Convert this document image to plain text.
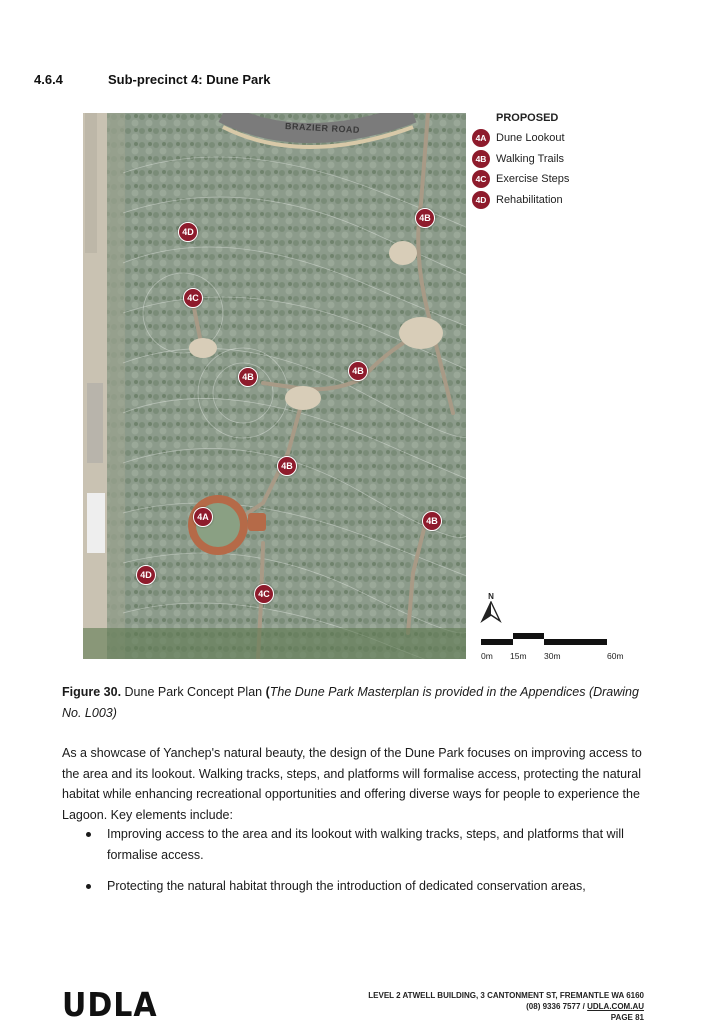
4.6.4	Sub-precinct 4: Dune Park
BRAZIER ROAD
4D
4B
4C
4B
4B
4B
4A	4B
4D
4C
PROPOSED
4A Dune Lookout
4B Walking Trails
4C Exercise Steps
4D Rehabilitation
N
0m 15m 30m	60m
Figure 30. Dune Park Concept Plan (The Dune Park Masterplan is provided in the Appendices (Drawing No. L003)
As a showcase of Yanchep's natural beauty, the design of the Dune Park focuses on improving access to the area and its lookout. Walking tracks, steps, and platforms will formalise access, protecting the natural habitat while enhancing recreational opportunities and offering diverse ways for people to experience the Lagoon. Key elements include:
Improving access to the area and its lookout with walking tracks, steps, and platforms that will formalise access.
Protecting the natural habitat through the introduction of dedicated conservation areas,
UDLA	LEVEL 2 ATWELL BUILDING, 3 CANTONMENT ST, FREMANTLE WA 6160
(08) 9336 7577 / UDLA.COM.AU
PAGE 81
